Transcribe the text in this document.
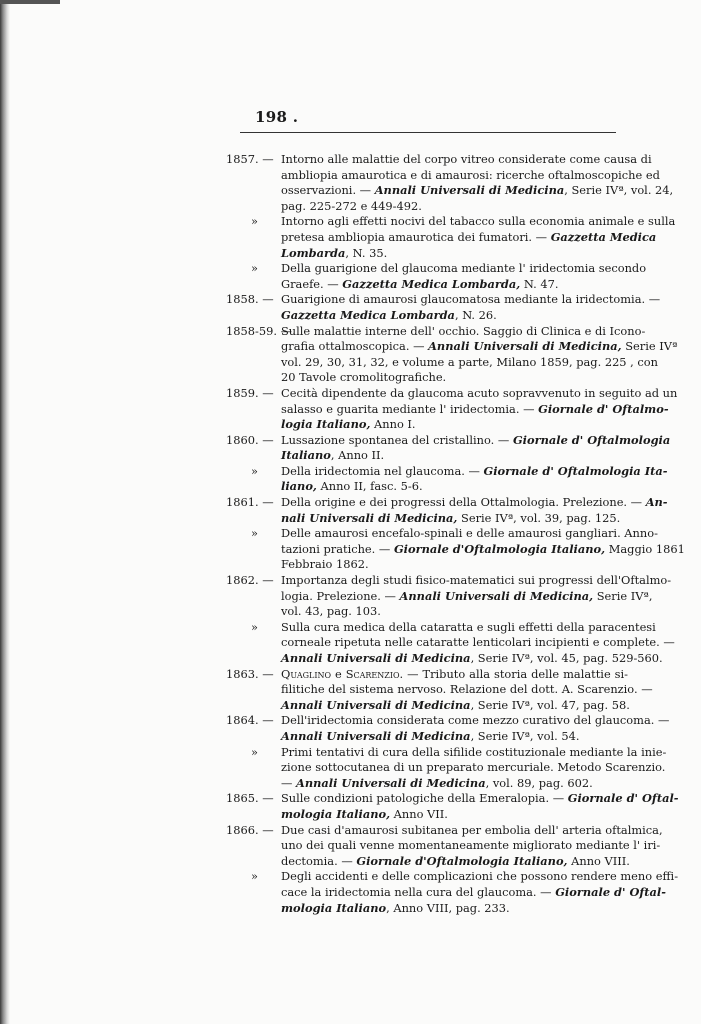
198 .
1857. — Intorno alle malattie del corpo vitreo considerate come causa di
ambliopia amaurotica e di amaurosi: ricerche oftalmoscopiche ed
osservazioni. — Annali Universali di Medicina, Serie IVª, vol. 24,
pag. 225-272 e 449-492.
» Intorno agli effetti nocivi del tabacco sulla economia animale e sulla
pretesa ambliopia amaurotica dei fumatori. — Gazzetta Medica
Lombarda, N. 35.
» Della guarigione del glaucoma mediante l' iridectomia secondo
Graefe. — Gazzetta Medica Lombarda, N. 47.
1858. — Guarigione di amaurosi glaucomatosa mediante la iridectomia. —
Gazzetta Medica Lombarda, N. 26.
1858-59. —
Sulle malattie interne dell' occhio. Saggio di Clinica e di Icono-
grafia ottalmoscopica. — Annali Universali di Medicina, Serie IVª
vol. 29, 30, 31, 32, e volume a parte, Milano 1859, pag. 225 , con
20 Tavole cromolitografiche.
1859. — Cecità dipendente da glaucoma acuto sopravvenuto in seguito ad un
salasso e guarita mediante l' iridectomia. — Giornale d' Oftalmo-
logia Italiano, Anno I.
1860. — Lussazione spontanea del cristallino. — Giornale d' Oftalmologia
Italiano, Anno II.
» Della iridectomia nel glaucoma. — Giornale d' Oftalmologia Ita-
liano, Anno II, fasc. 5-6.
1861. — Della origine e dei progressi della Ottalmologia. Prelezione. — An-
nali Universali di Medicina, Serie IVª, vol. 39, pag. 125.
» Delle amaurosi encefalo-spinali e delle amaurosi gangliari. Anno-
tazioni pratiche. — Giornale d'Oftalmologia Italiano, Maggio 1861
Febbraio 1862.
1862. — Importanza degli studi fisico-matematici sui progressi dell'Oftalmo-
logia. Prelezione. — Annali Universali di Medicina, Serie IVª,
vol. 43, pag. 103.
» Sulla cura medica della cataratta e sugli effetti della paracentesi
corneale ripetuta nelle cataratte lenticolari incipienti e complete. —
Annali Universali di Medicina, Serie IVª, vol. 45, pag. 529-560.
1863. — Quaglino e Scarenzio. — Tributo alla storia delle malattie si-
filitiche del sistema nervoso. Relazione del dott. A. Scarenzio. —
Annali Universali di Medicina, Serie IVª, vol. 47, pag. 58.
1864. — Dell'iridectomia considerata come mezzo curativo del glaucoma. —
Annali Universali di Medicina, Serie IVª, vol. 54.
» Primi tentativi di cura della sifilide costituzionale mediante la inie-
zione sottocutanea di un preparato mercuriale. Metodo Scarenzio.
— Annali Universali di Medicina, vol. 89, pag. 602.
1865. — Sulle condizioni patologiche della Emeralopia. — Giornale d' Oftal-
mologia Italiano, Anno VII.
1866. — Due casi d'amaurosi subitanea per embolia dell' arteria oftalmica,
uno dei quali venne momentaneamente migliorato mediante l' iri-
dectomia. — Giornale d'Oftalmologia Italiano, Anno VIII.
» Degli accidenti e delle complicazioni che possono rendere meno effi-
cace la iridectomia nella cura del glaucoma. — Giornale d' Oftal-
mologia Italiano, Anno VIII, pag. 233.
